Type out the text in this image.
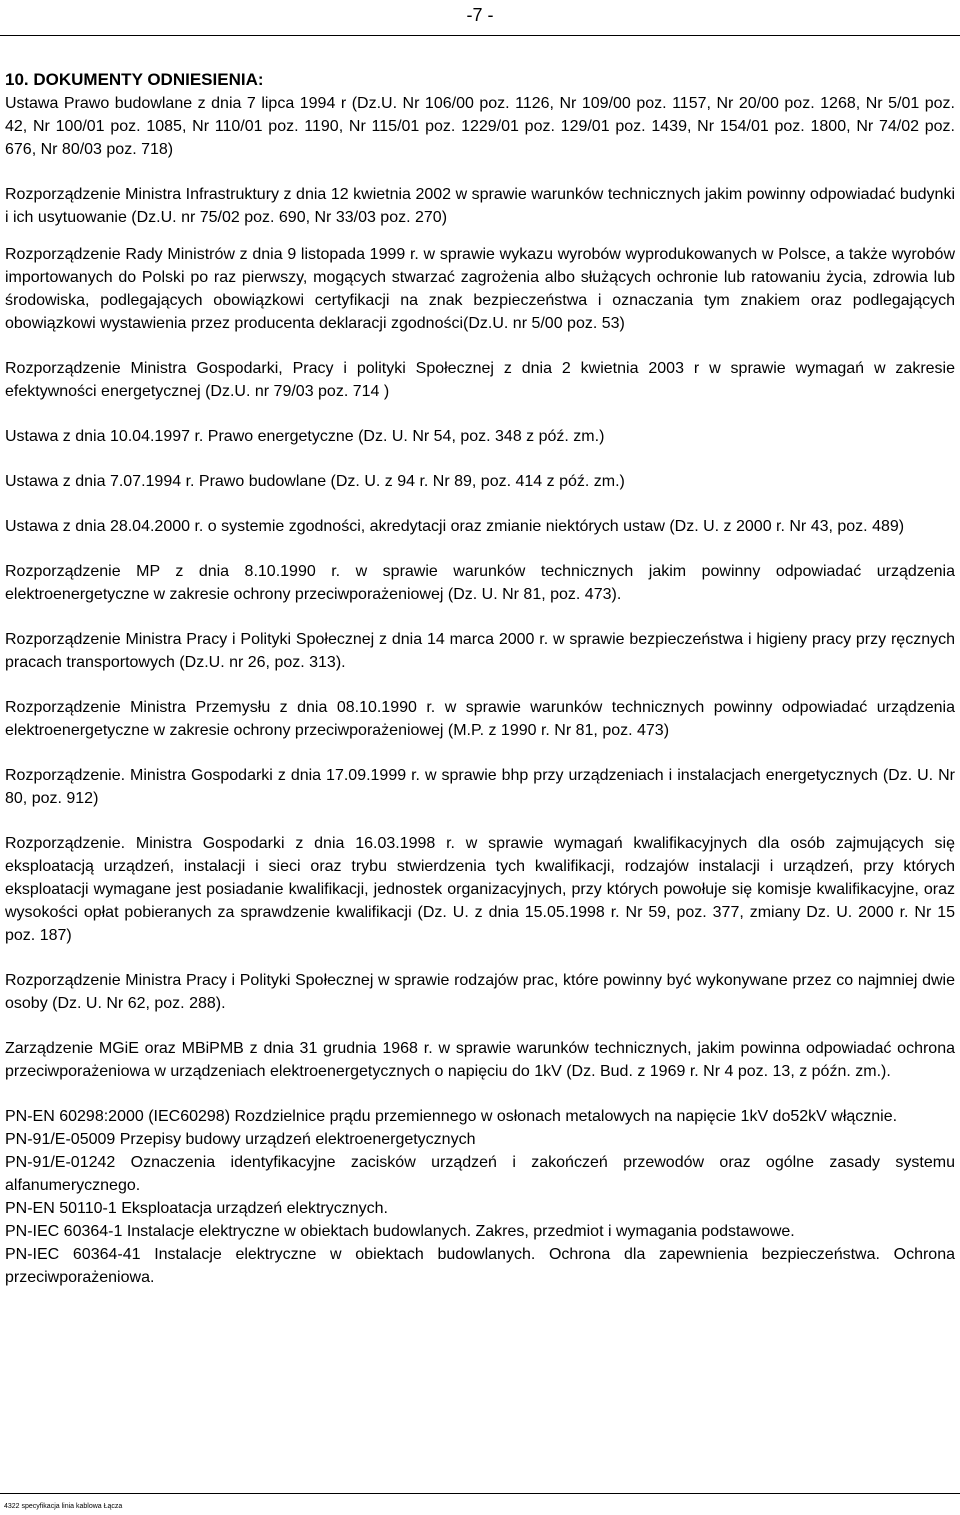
-7 -
10. DOKUMENTY ODNIESIENIA:

Ustawa Prawo budowlane z dnia 7 lipca 1994 r (Dz.U. Nr 106/00 poz. 1126, Nr 109/00 poz. 1157, Nr 20/00 poz. 1268, Nr 5/01 poz. 42, Nr 100/01 poz. 1085, Nr 110/01 poz. 1190, Nr 115/01 poz. 1229/01 poz. 129/01 poz. 1439, Nr 154/01 poz. 1800, Nr 74/02 poz. 676, Nr 80/03 poz. 718)

Rozporządzenie Ministra Infrastruktury z dnia 12 kwietnia 2002 w sprawie warunków technicznych jakim powinny odpowiadać budynki i ich usytuowanie (Dz.U. nr 75/02 poz. 690, Nr 33/03 poz. 270)

Rozporządzenie Rady Ministrów z dnia 9 listopada 1999 r. w sprawie wykazu wyrobów wyprodukowanych w Polsce, a także wyrobów importowanych do Polski po raz pierwszy, mogących stwarzać zagrożenia albo służących ochronie lub ratowaniu życia, zdrowia lub środowiska, podlegających obowiązkowi certyfikacji na znak bezpieczeństwa i oznaczania tym znakiem oraz podlegających obowiązkowi wystawienia przez producenta deklaracji zgodności(Dz.U. nr 5/00 poz. 53)

Rozporządzenie Ministra Gospodarki, Pracy i polityki Społecznej z dnia 2 kwietnia 2003 r w sprawie wymagań w zakresie efektywności energetycznej (Dz.U. nr 79/03 poz. 714 )

Ustawa z dnia 10.04.1997 r. Prawo energetyczne (Dz. U. Nr 54, poz. 348 z póź. zm.)

Ustawa z dnia 7.07.1994 r. Prawo budowlane (Dz. U. z 94 r. Nr 89, poz. 414 z póź. zm.)

Ustawa z dnia 28.04.2000 r. o systemie zgodności, akredytacji oraz zmianie niektórych ustaw (Dz. U. z 2000 r. Nr 43, poz. 489)

Rozporządzenie MP z dnia 8.10.1990 r. w sprawie warunków technicznych jakim powinny odpowiadać urządzenia elektroenergetyczne w zakresie ochrony przeciwporażeniowej (Dz. U. Nr 81, poz. 473).

Rozporządzenie Ministra Pracy i Polityki Społecznej z dnia 14 marca 2000 r. w sprawie bezpieczeństwa i higieny pracy przy ręcznych pracach transportowych (Dz.U. nr 26, poz. 313).

Rozporządzenie Ministra Przemysłu z dnia 08.10.1990 r. w sprawie warunków technicznych powinny odpowiadać urządzenia elektroenergetyczne w zakresie ochrony przeciwporażeniowej (M.P. z 1990 r. Nr 81, poz. 473)

Rozporządzenie. Ministra Gospodarki z dnia 17.09.1999 r. w sprawie bhp przy urządzeniach i instalacjach energetycznych (Dz. U. Nr 80, poz. 912)

Rozporządzenie. Ministra Gospodarki z dnia 16.03.1998 r. w sprawie wymagań kwalifikacyjnych dla osób zajmujących się eksploatacją urządzeń, instalacji i sieci oraz trybu stwierdzenia tych kwalifikacji, rodzajów instalacji i urządzeń, przy których eksploatacji wymagane jest posiadanie kwalifikacji, jednostek organizacyjnych, przy których powołuje się komisje kwalifikacyjne, oraz wysokości opłat pobieranych za sprawdzenie kwalifikacji (Dz. U. z dnia 15.05.1998 r. Nr 59, poz. 377, zmiany Dz. U. 2000 r. Nr 15 poz. 187)

Rozporządzenie Ministra Pracy i Polityki Społecznej w sprawie rodzajów prac, które powinny być wykonywane przez co najmniej dwie osoby (Dz. U. Nr 62, poz. 288).

Zarządzenie MGiE oraz MBiPMB z dnia 31 grudnia 1968 r. w sprawie warunków technicznych, jakim powinna odpowiadać ochrona przeciwporażeniowa w urządzeniach elektroenergetycznych o napięciu do 1kV (Dz. Bud. z 1969 r. Nr 4 poz. 13, z późn. zm.).

PN-EN 60298:2000 (IEC60298) Rozdzielnice prądu przemiennego w osłonach metalowych na napięcie 1kV do52kV włącznie.

PN-91/E-05009 Przepisy budowy urządzeń elektroenergetycznych

PN-91/E-01242 Oznaczenia identyfikacyjne zacisków urządzeń i zakończeń przewodów oraz ogólne zasady systemu alfanumerycznego.

PN-EN 50110-1 Eksploatacja urządzeń elektrycznych.

PN-IEC 60364-1 Instalacje elektryczne w obiektach budowlanych. Zakres, przedmiot i wymagania podstawowe.

PN-IEC 60364-41 Instalacje elektryczne w obiektach budowlanych. Ochrona dla zapewnienia bezpieczeństwa. Ochrona przeciwporażeniowa.

4322 specyfikacja linia kablowa Łącza
